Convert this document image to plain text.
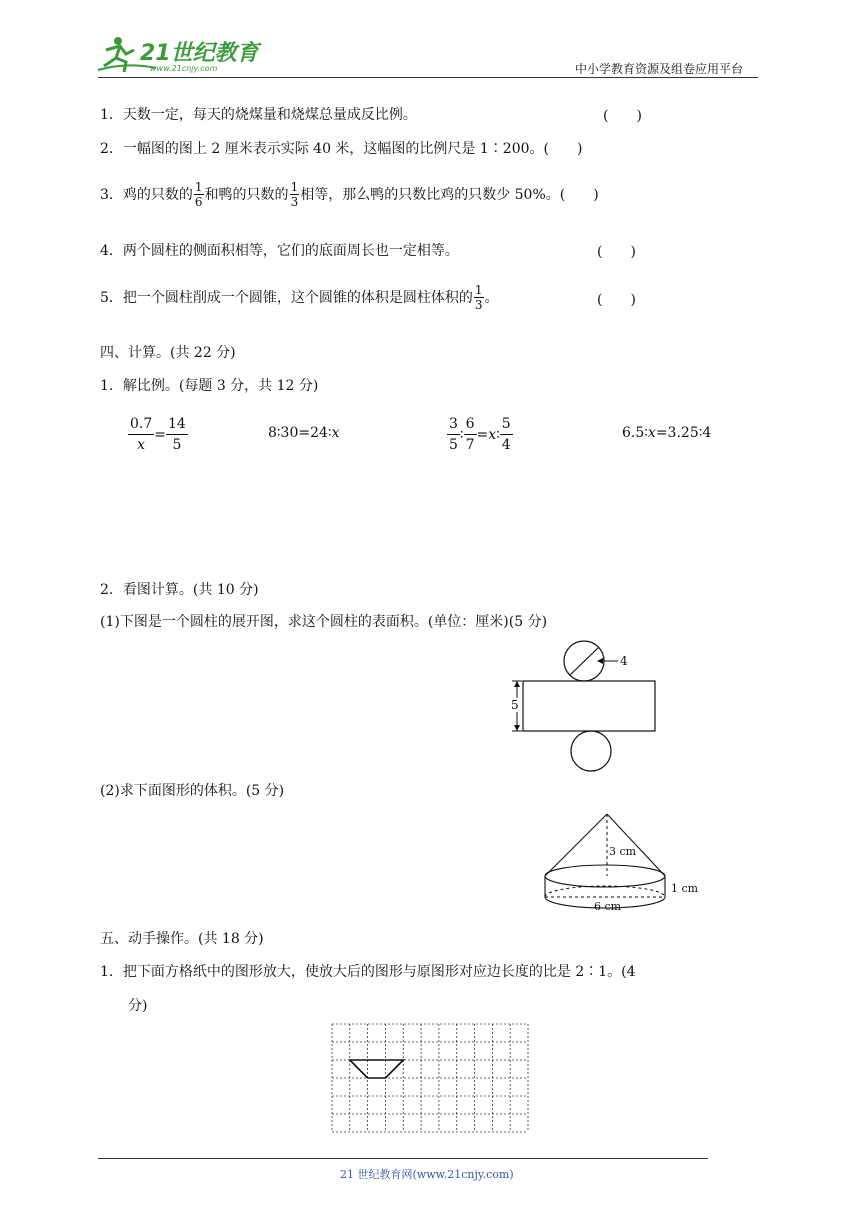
21世纪教育
www.21cnjy.com	中小学教育资源及组卷应用平台
1．天数一定，每天的烧煤量和烧煤总量成反比例。	(　　)
2．一幅图的图上 2 厘米表示实际 40 米，这幅图的比例尺是 1∶200。(　　)
3．鸡的只数的 $\frac{1}{6}$ 和鸭的只数的 $\frac{1}{3}$ 相等，那么鸭的只数比鸡的只数少 50%。(　　)
4．两个圆柱的侧面积相等，它们的底面周长也一定相等。	(　　)
5．把一个圆柱削成一个圆锥，这个圆锥的体积是圆柱体积的 $\frac{1}{3}$ 。	(　　)
四、计算。(共 22 分)
1．解比例。(每题 3 分，共 12 分)
$\frac{0.7}{x} = \frac{14}{5}$	8∶30=24∶ x	$\frac{3}{5}$ ∶ $\frac{6}{7} = x$ ∶ $\frac{5}{4}$	6.5∶ x =3.25∶4
2．看图计算。(共 10 分)
(1)下图是一个圆柱的展开图，求这个圆柱的表面积。(单位：厘米)(5 分)
4
5
(2)求下面图形的体积。(5 分)
3 cm
1 cm
6 cm
五、动手操作。(共 18 分)
1．把下面方格纸中的图形放大，使放大后的图形与原图形对应边长度的比是 2∶1。(4
分)
21 世纪教育网(www.21cnjy.com)
